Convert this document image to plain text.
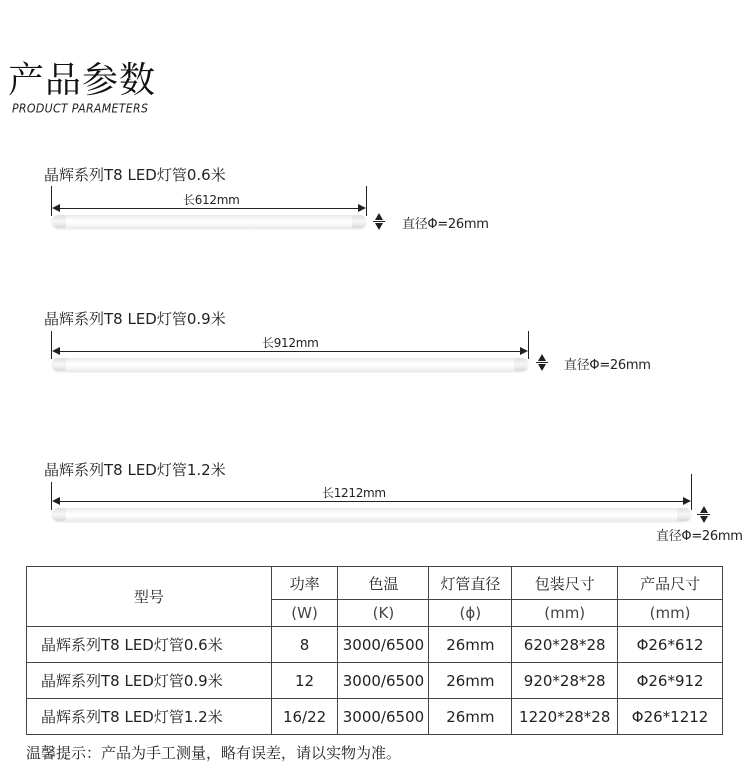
产品参数
PRODUCT PARAMETERS
晶辉系列T8 LED灯管0.6米
长612mm
直径Φ=26mm
晶辉系列T8 LED灯管0.9米
长912mm
直径Φ=26mm
晶辉系列T8 LED灯管1.2米
长1212mm
直径Φ=26mm
型号	功率	色温	灯管直径	包装尺寸	产品尺寸
	(W)	(K)	(ϕ)	(mm)	(mm)
晶辉系列T8 LED灯管0.6米	8	3000/6500	26mm	620*28*28	Φ26*612
晶辉系列T8 LED灯管0.9米	12	3000/6500	26mm	920*28*28	Φ26*912
晶辉系列T8 LED灯管1.2米	16/22	3000/6500	26mm	1220*28*28	Φ26*1212
温馨提示：产品为手工测量，略有误差，请以实物为准。
